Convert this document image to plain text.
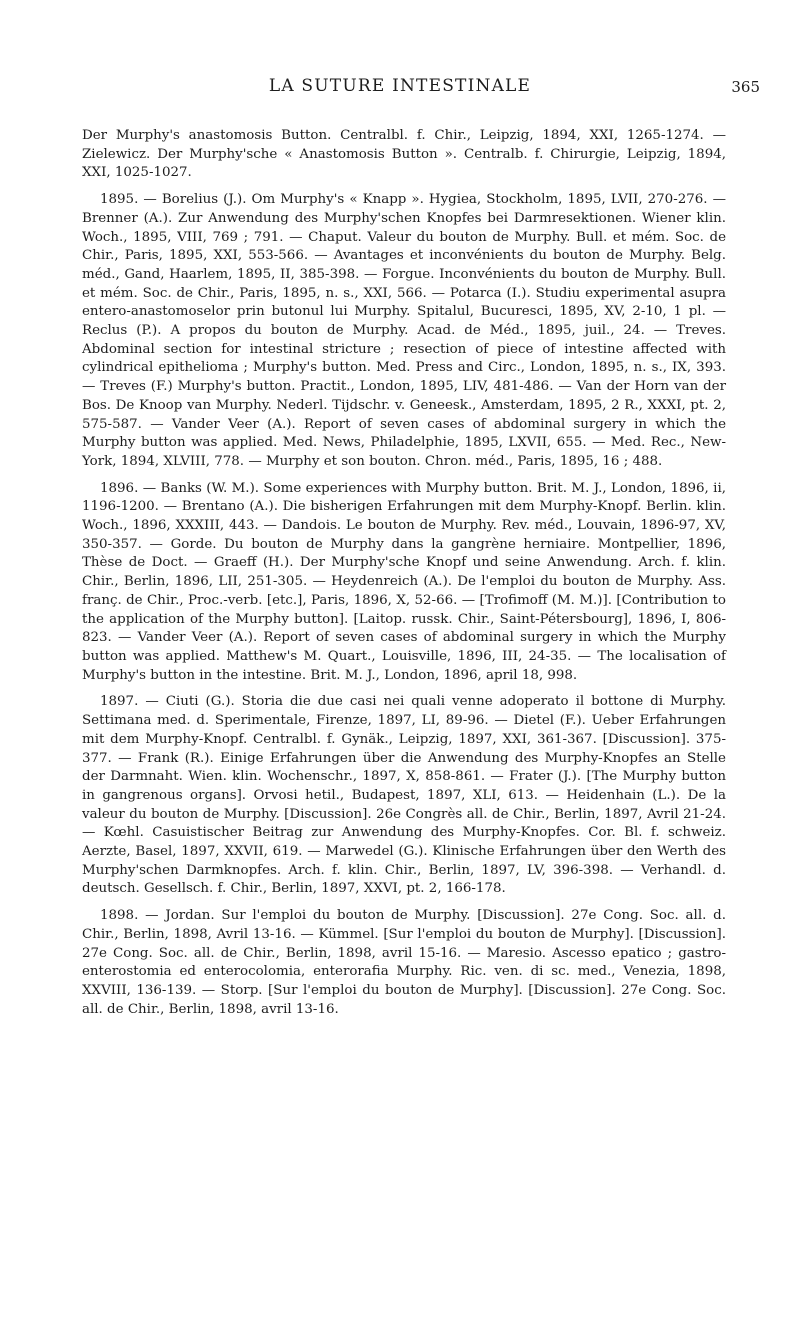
LA SUTURE INTESTINALE	365

Der Murphy's anastomosis Button. Centralbl. f. Chir., Leipzig, 1894, XXI, 1265-1274. — Zielewicz. Der Murphy'sche « Anastomosis Button ». Centralb. f. Chirurgie, Leipzig, 1894, XXI, 1025-1027.

1895. — Borelius (J.). Om Murphy's « Knapp ». Hygiea, Stockholm, 1895, LVII, 270-276. — Brenner (A.). Zur Anwendung des Murphy'schen Knopfes bei Darmresektionen. Wiener klin. Woch., 1895, VIII, 769 ; 791. — Chaput. Valeur du bouton de Murphy. Bull. et mém. Soc. de Chir., Paris, 1895, XXI, 553-566. — Avantages et inconvénients du bouton de Murphy. Belg. méd., Gand, Haarlem, 1895, II, 385-398. — Forgue. Inconvénients du bouton de Murphy. Bull. et mém. Soc. de Chir., Paris, 1895, n. s., XXI, 566. — Potarca (I.). Studiu experimental asupra entero-anastomoselor prin butonul lui Murphy. Spitalul, Bucuresci, 1895, XV, 2-10, 1 pl. — Reclus (P.). A propos du bouton de Murphy. Acad. de Méd., 1895, juil., 24. — Treves. Abdominal section for intestinal stricture ; resection of piece of intestine affected with cylindrical epithelioma ; Murphy's button. Med. Press and Circ., London, 1895, n. s., IX, 393. — Treves (F.) Murphy's button. Practit., London, 1895, LIV, 481-486. — Van der Horn van der Bos. De Knoop van Murphy. Nederl. Tijdschr. v. Geneesk., Amsterdam, 1895, 2 R., XXXI, pt. 2, 575-587. — Vander Veer (A.). Report of seven cases of abdominal surgery in which the Murphy button was applied. Med. News, Philadelphie, 1895, LXVII, 655. — Med. Rec., New-York, 1894, XLVIII, 778. — Murphy et son bouton. Chron. méd., Paris, 1895, 16 ; 488.

1896. — Banks (W. M.). Some experiences with Murphy button. Brit. M. J., London, 1896, ii, 1196-1200. — Brentano (A.). Die bisherigen Erfahrungen mit dem Murphy-Knopf. Berlin. klin. Woch., 1896, XXXIII, 443. — Dandois. Le bouton de Murphy. Rev. méd., Louvain, 1896-97, XV, 350-357. — Gorde. Du bouton de Murphy dans la gangrène herniaire. Montpellier, 1896, Thèse de Doct. — Graeff (H.). Der Murphy'sche Knopf und seine Anwendung. Arch. f. klin. Chir., Berlin, 1896, LII, 251-305. — Heydenreich (A.). De l'emploi du bouton de Murphy. Ass. franç. de Chir., Proc.-verb. [etc.], Paris, 1896, X, 52-66. — [Trofimoff (M. M.)]. [Contribution to the application of the Murphy button]. [Laitop. russk. Chir., Saint-Pétersbourg], 1896, I, 806-823. — Vander Veer (A.). Report of seven cases of abdominal surgery in which the Murphy button was applied. Matthew's M. Quart., Louisville, 1896, III, 24-35. — The localisation of Murphy's button in the intestine. Brit. M. J., London, 1896, april 18, 998.

1897. — Ciuti (G.). Storia die due casi nei quali venne adoperato il bottone di Murphy. Settimana med. d. Sperimentale, Firenze, 1897, LI, 89-96. — Dietel (F.). Ueber Erfahrungen mit dem Murphy-Knopf. Centralbl. f. Gynäk., Leipzig, 1897, XXI, 361-367. [Discussion]. 375-377. — Frank (R.). Einige Erfahrungen über die Anwendung des Murphy-Knopfes an Stelle der Darmnaht. Wien. klin. Wochenschr., 1897, X, 858-861. — Frater (J.). [The Murphy button in gangrenous organs]. Orvosi hetil., Budapest, 1897, XLI, 613. — Heidenhain (L.). De la valeur du bouton de Murphy. [Discussion]. 26e Congrès all. de Chir., Berlin, 1897, Avril 21-24. — Kœhl. Casuistischer Beitrag zur Anwendung des Murphy-Knopfes. Cor. Bl. f. schweiz. Aerzte, Basel, 1897, XXVII, 619. — Marwedel (G.). Klinische Erfahrungen über den Werth des Murphy'schen Darmknopfes. Arch. f. klin. Chir., Berlin, 1897, LV, 396-398. — Verhandl. d. deutsch. Gesellsch. f. Chir., Berlin, 1897, XXVI, pt. 2, 166-178.

1898. — Jordan. Sur l'emploi du bouton de Murphy. [Discussion]. 27e Cong. Soc. all. d. Chir., Berlin, 1898, Avril 13-16. — Kümmel. [Sur l'emploi du bouton de Murphy]. [Discussion]. 27e Cong. Soc. all. de Chir., Berlin, 1898, avril 15-16. — Maresio. Ascesso epatico ; gastro-enterostomia ed enterocolomia, enterorafia Murphy. Ric. ven. di sc. med., Venezia, 1898, XXVIII, 136-139. — Storp. [Sur l'emploi du bouton de Murphy]. [Discussion]. 27e Cong. Soc. all. de Chir., Berlin, 1898, avril 13-16.
